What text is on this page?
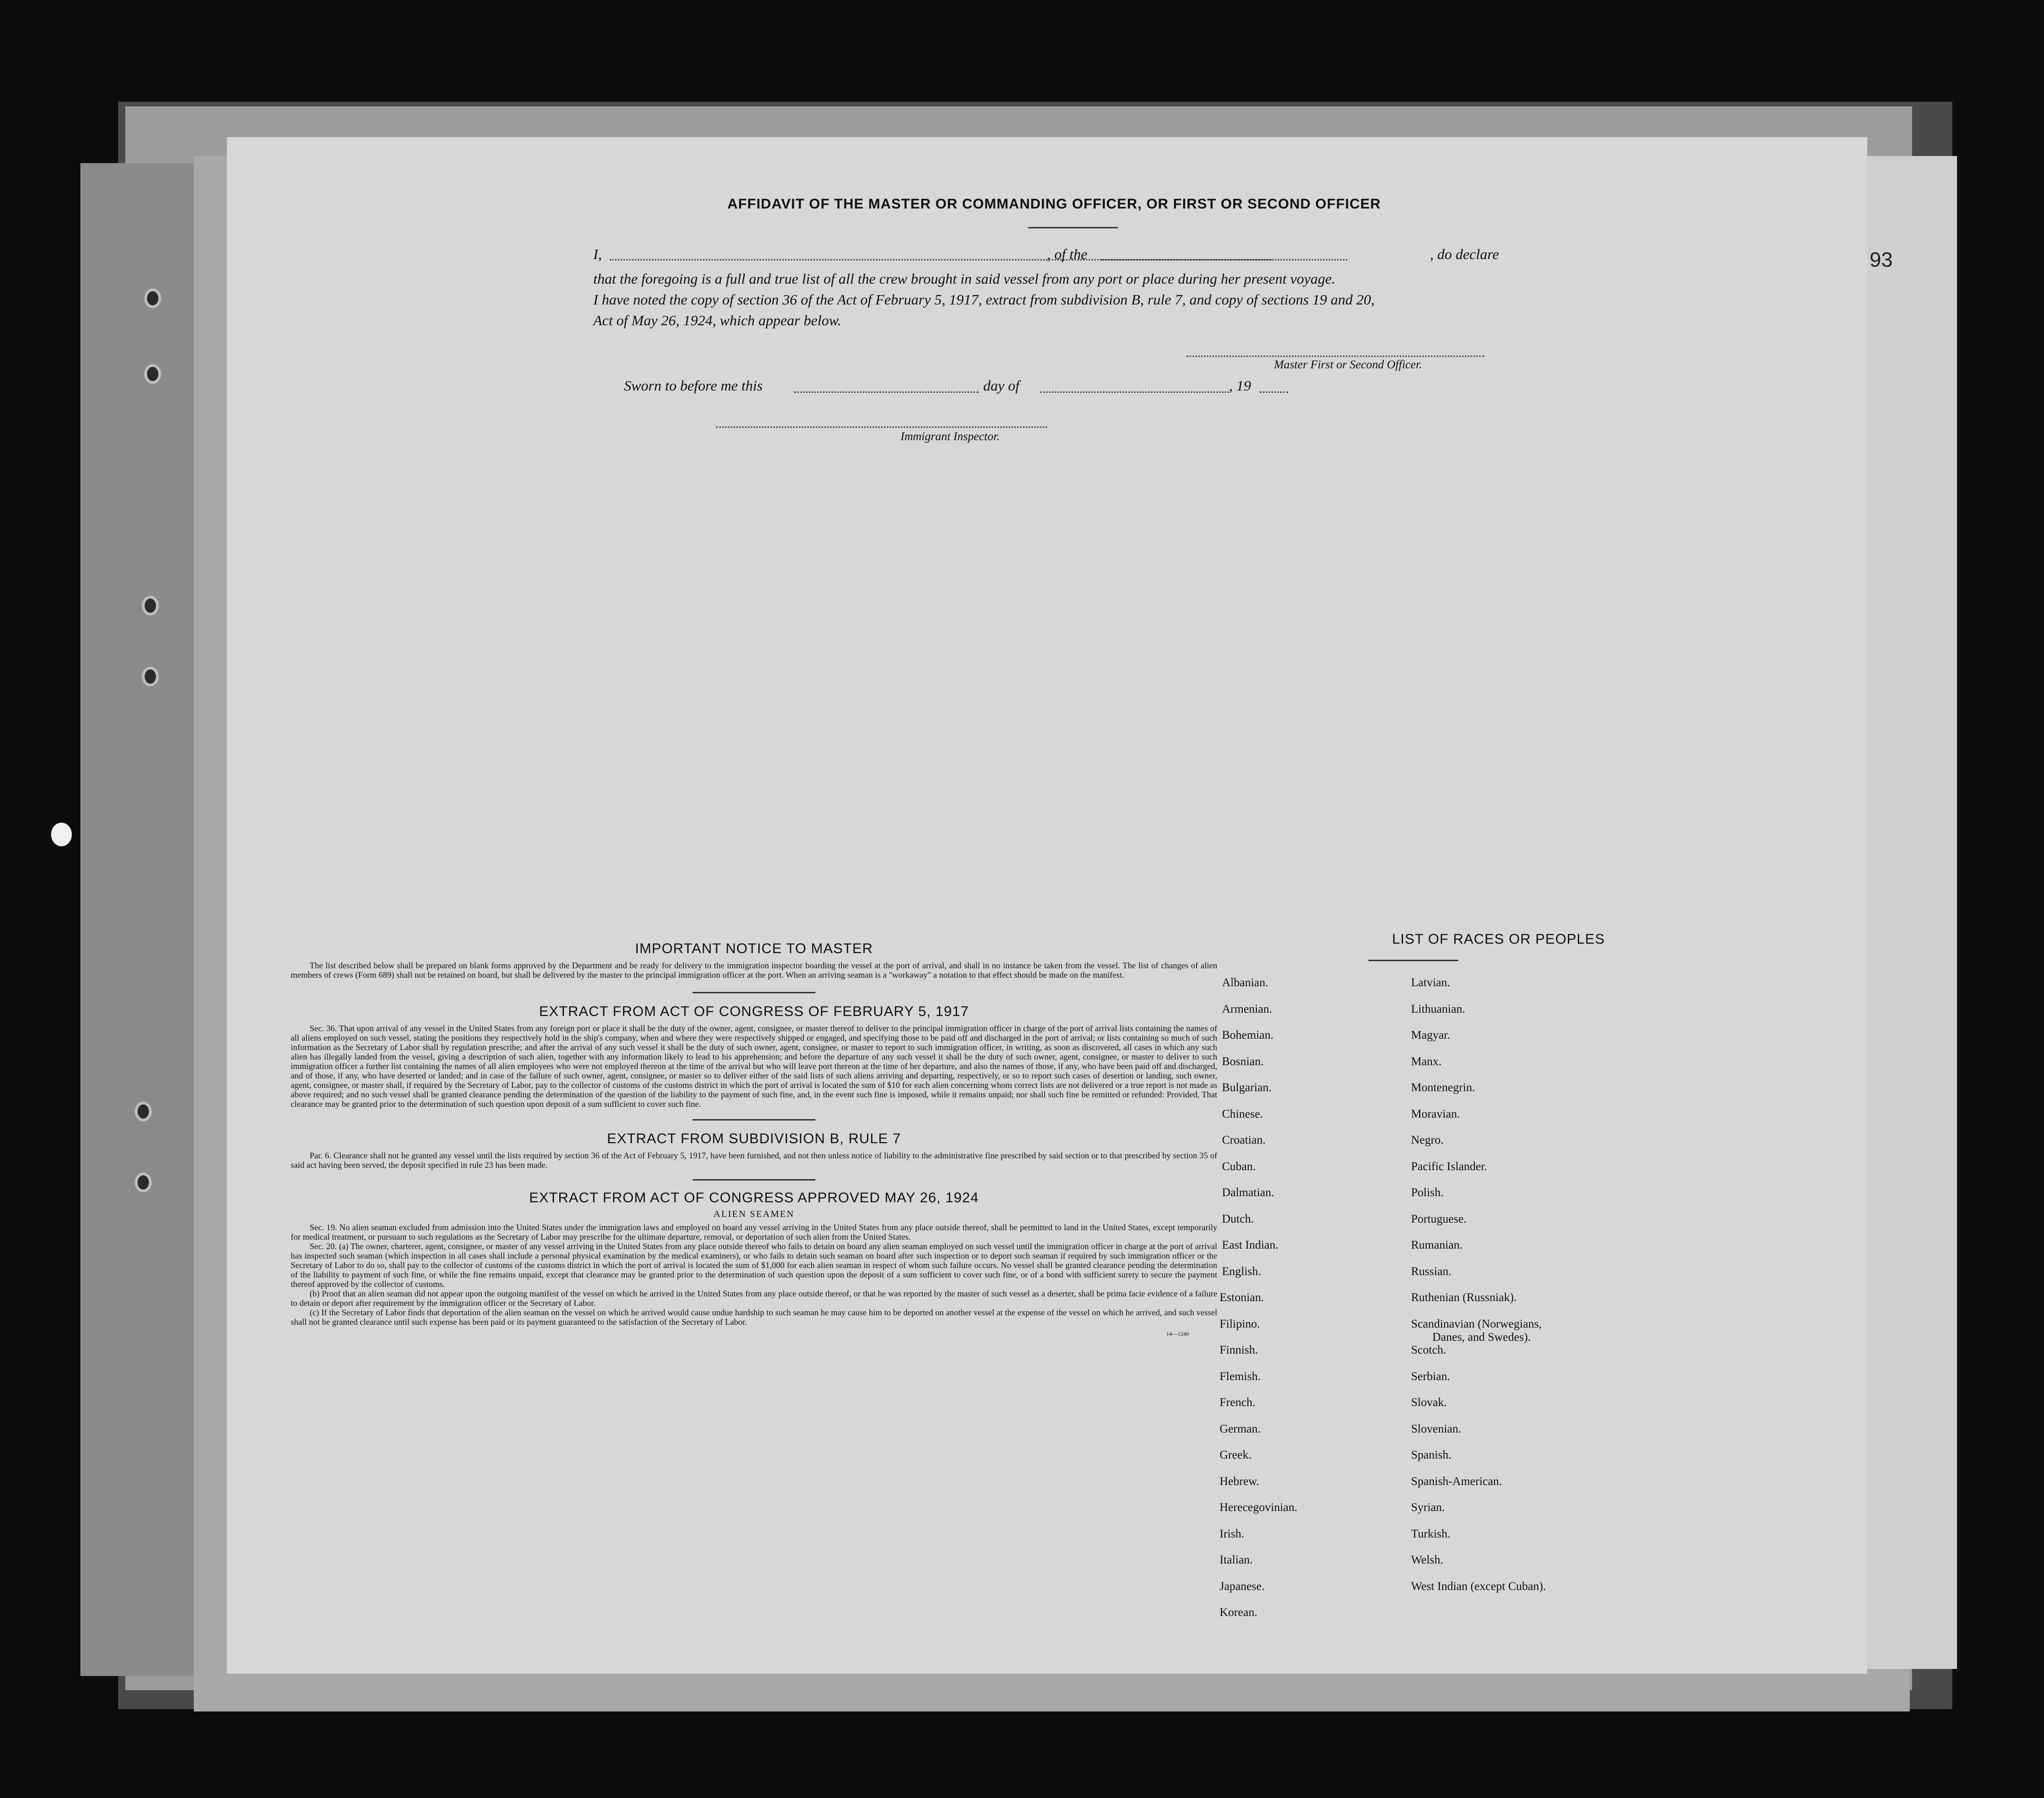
93
AFFIDAVIT OF THE MASTER OR COMMANDING OFFICER, OR FIRST OR SECOND OFFICER
I,	, of the	, do declare
that the foregoing is a full and true list of all the crew brought in said vessel from any port or place during her present voyage.
I have noted the copy of section 36 of the Act of February 5, 1917, extract from subdivision B, rule 7, and copy of sections 19 and 20,
Act of May 26, 1924, which appear below.
Master First or Second Officer.
Sworn to before me this	day of	, 19
Immigrant Inspector.

IMPORTANT NOTICE TO MASTER

The list described below shall be prepared on blank forms approved by the Department and be ready for delivery to the immigration inspector boarding the vessel at the port of arrival, and shall in no instance be taken from the vessel. The list of changes of alien members of crews (Form 689) shall not be retained on board, but shall be delivered by the master to the principal immigration officer at the port. When an arriving seaman is a "workaway" a notation to that effect should be made on the manifest.

EXTRACT FROM ACT OF CONGRESS OF FEBRUARY 5, 1917

Sec. 36. That upon arrival of any vessel in the United States from any foreign port or place it shall be the duty of the owner, agent, consignee, or master thereof to deliver to the principal immigration officer in charge of the port of arrival lists containing the names of all aliens employed on such vessel, stating the positions they respectively hold in the ship's company, when and where they were respectively shipped or engaged, and specifying those to be paid off and discharged in the port of arrival; or lists containing so much of such information as the Secretary of Labor shall by regulation prescribe; and after the arrival of any such vessel it shall be the duty of such owner, agent, consignee, or master to report to such immigration officer, in writing, as soon as discovered, all cases in which any such alien has illegally landed from the vessel, giving a description of such alien, together with any information likely to lead to his apprehension; and before the departure of any such vessel it shall be the duty of such owner, agent, consignee, or master to deliver to such immigration officer a further list containing the names of all alien employees who were not employed thereon at the time of the arrival but who will leave port thereon at the time of her departure, and also the names of those, if any, who have been paid off and discharged, and of those, if any, who have deserted or landed; and in case of the failure of such owner, agent, consignee, or master so to deliver either of the said lists of such aliens arriving and departing, respectively, or so to report such cases of desertion or landing, such owner, agent, consignee, or master shall, if required by the Secretary of Labor, pay to the collector of customs of the customs district in which the port of arrival is located the sum of $10 for each alien concerning whom correct lists are not delivered or a true report is not made as above required; and no such vessel shall be granted clearance pending the determination of the question of the liability to the payment of such fine, and, in the event such fine is imposed, while it remains unpaid; nor shall such fine be remitted or refunded: Provided, That clearance may be granted prior to the determination of such question upon deposit of a sum sufficient to cover such fine.

EXTRACT FROM SUBDIVISION B, RULE 7

Par. 6. Clearance shall not be granted any vessel until the lists required by section 36 of the Act of February 5, 1917, have been furnished, and not then unless notice of liability to the administrative fine prescribed by said section or to that prescribed by section 35 of said act having been served, the deposit specified in rule 23 has been made.

EXTRACT FROM ACT OF CONGRESS APPROVED MAY 26, 1924

ALIEN SEAMEN

Sec. 19. No alien seaman excluded from admission into the United States under the immigration laws and employed on board any vessel arriving in the United States from any place outside thereof, shall be permitted to land in the United States, except temporarily for medical treatment, or pursuant to such regulations as the Secretary of Labor may prescribe for the ultimate departure, removal, or deportation of such alien from the United States.

Sec. 20. (a) The owner, charterer, agent, consignee, or master of any vessel arriving in the United States from any place outside thereof who fails to detain on board any alien seaman employed on such vessel until the immigration officer in charge at the port of arrival has inspected such seaman (which inspection in all cases shall include a personal physical examination by the medical examiners), or who fails to detain such seaman on board after such inspection or to deport such seaman if required by such immigration officer or the Secretary of Labor to do so, shall pay to the collector of customs of the customs district in which the port of arrival is located the sum of $1,000 for each alien seaman in respect of whom such failure occurs. No vessel shall be granted clearance pending the determination of the liability to payment of such fine, or while the fine remains unpaid, except that clearance may be granted prior to the determination of such question upon the deposit of a sum sufficient to cover such fine, or of a bond with sufficient surety to secure the payment thereof approved by the collector of customs.

(b) Proof that an alien seaman did not appear upon the outgoing manifest of the vessel on which he arrived in the United States from any place outside thereof, or that he was reported by the master of such vessel as a deserter, shall be prima facie evidence of a failure to detain or deport after requirement by the immigration officer or the Secretary of Labor.

(c) If the Secretary of Labor finds that deportation of the alien seaman on the vessel on which he arrived would cause undue hardship to such seaman he may cause him to be deported on another vessel at the expense of the vessel on which he arrived, and such vessel shall not be granted clearance until such expense has been paid or its payment guaranteed to the satisfaction of the Secretary of Labor.

14—1240

LIST OF RACES OR PEOPLES
Albanian.
Armenian.
Bohemian.
Bosnian.
Bulgarian.
Chinese.
Croatian.
Cuban.
Dalmatian.
Dutch.
East Indian.
English.
Estonian.
Filipino.
Finnish.
Flemish.
French.
German.
Greek.
Hebrew.
Herecegovinian.
Irish.
Italian.
Japanese.
Korean.
Latvian.
Lithuanian.
Magyar.
Manx.
Montenegrin.
Moravian.
Negro.
Pacific Islander.
Polish.
Portuguese.
Rumanian.
Russian.
Ruthenian (Russniak).
Scandinavian (Norwegians,
Danes, and Swedes).
Scotch.
Serbian.
Slovak.
Slovenian.
Spanish.
Spanish-American.
Syrian.
Turkish.
Welsh.
West Indian (except Cuban).
